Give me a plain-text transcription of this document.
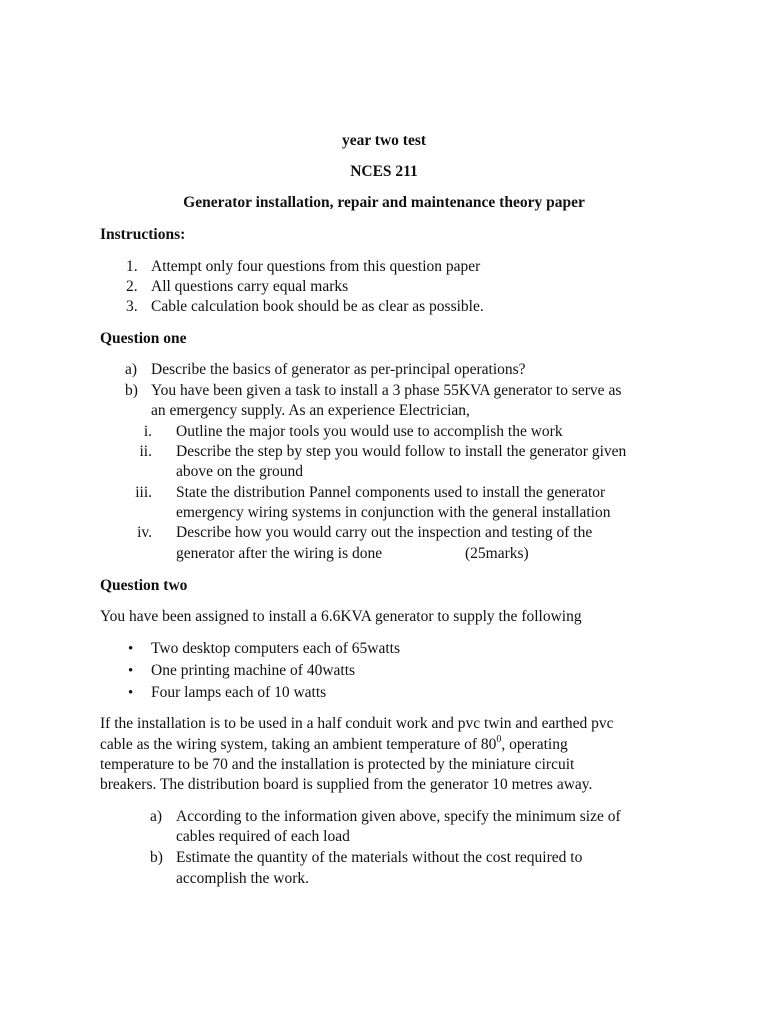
year two test
NCES 211
Generator installation, repair and maintenance theory paper
Instructions:
1. Attempt only four questions from this question paper
2. All questions carry equal marks
3. Cable calculation book should be as clear as possible.
Question one
a) Describe the basics of generator as per-principal operations?
b) You have been given a task to install a 3 phase 55KVA generator to serve as
an emergency supply. As an experience Electrician,
i. Outline the major tools you would use to accomplish the work
ii. Describe the step by step you would follow to install the generator given
above on the ground
iii. State the distribution Pannel components used to install the generator
emergency wiring systems in conjunction with the general installation
iv. Describe how you would carry out the inspection and testing of the
generator after the wiring is done	(25marks)
Question two
You have been assigned to install a 6.6KVA generator to supply the following
• Two desktop computers each of 65watts
• One printing machine of 40watts
• Four lamps each of 10 watts
If the installation is to be used in a half conduit work and pvc twin and earthed pvc
cable as the wiring system, taking an ambient temperature of $80^0$, operating
temperature to be 70 and the installation is protected by the miniature circuit
breakers. The distribution board is supplied from the generator 10 metres away.
a) According to the information given above, specify the minimum size of
cables required of each load
b) Estimate the quantity of the materials without the cost required to
accomplish the work.
